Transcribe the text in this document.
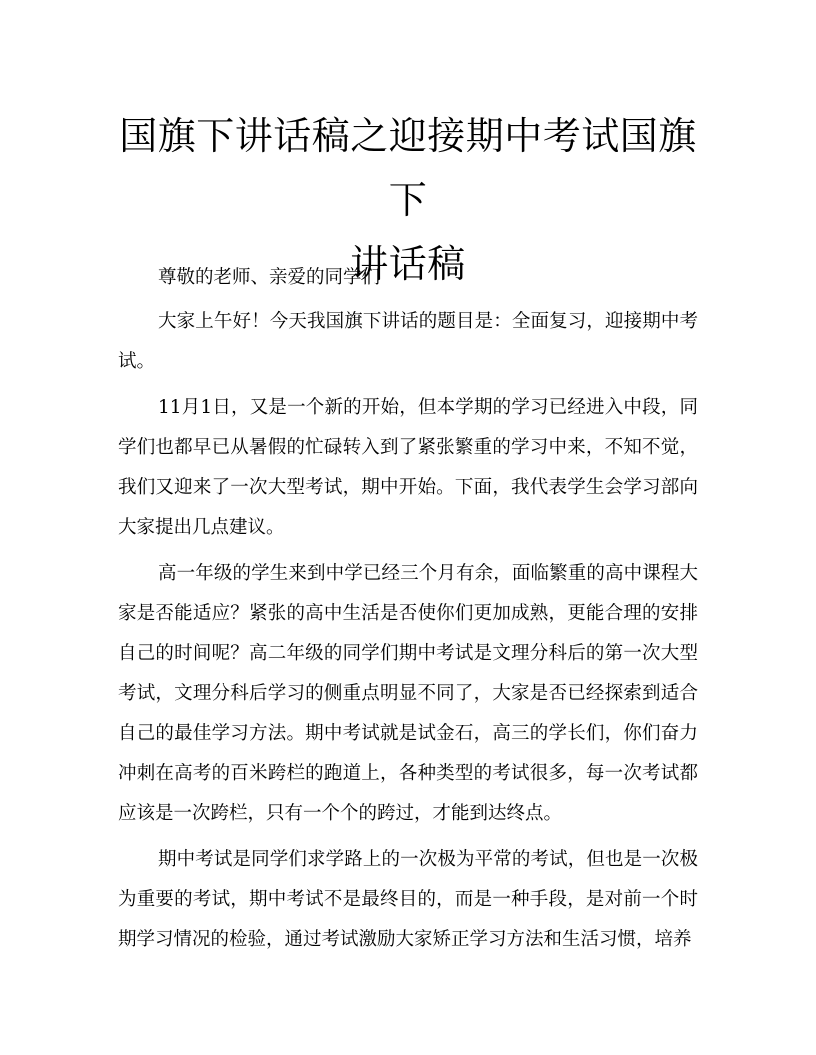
国旗下讲话稿之迎接期中考试国旗下
讲话稿

尊敬的老师、亲爱的同学们

大家上午好！今天我国旗下讲话的题目是：全面复习，迎接期中考试。

11月1日，又是一个新的开始，但本学期的学习已经进入中段，同学们也都早已从暑假的忙碌转入到了紧张繁重的学习中来，不知不觉，我们又迎来了一次大型考试，期中开始。下面，我代表学生会学习部向大家提出几点建议。

高一年级的学生来到中学已经三个月有余，面临繁重的高中课程大家是否能适应？紧张的高中生活是否使你们更加成熟，更能合理的安排自己的时间呢？高二年级的同学们期中考试是文理分科后的第一次大型考试，文理分科后学习的侧重点明显不同了，大家是否已经探索到适合自己的最佳学习方法。期中考试就是试金石，高三的学长们，你们奋力冲刺在高考的百米跨栏的跑道上，各种类型的考试很多，每一次考试都应该是一次跨栏，只有一个个的跨过，才能到达终点。

期中考试是同学们求学路上的一次极为平常的考试，但也是一次极为重要的考试，期中考试不是最终目的，而是一种手段，是对前一个时期学习情况的检验，通过考试激励大家矫正学习方法和生活习惯，培养
